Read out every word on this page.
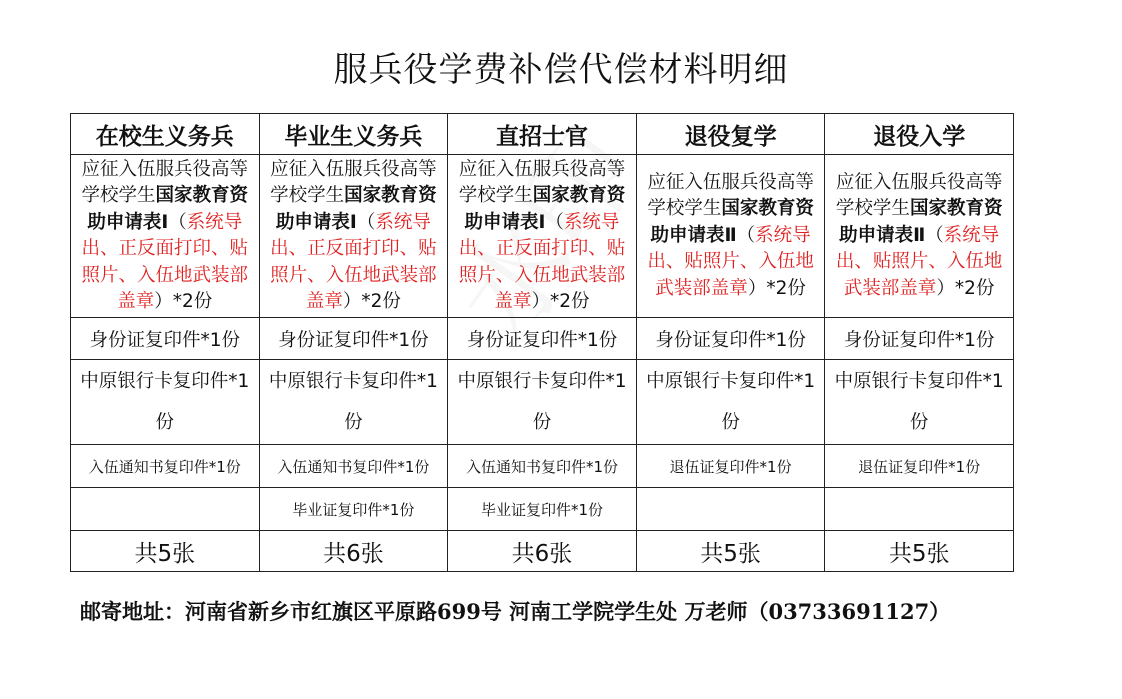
服兵役学费补偿代偿材料明细
在校生义务兵	毕业生义务兵	直招士官	退役复学	退役入学
应征入伍服兵役高等学校学生国家教育资助申请表Ⅰ（系统导出、正反面打印、贴照片、入伍地武装部盖章）*2份	应征入伍服兵役高等学校学生国家教育资助申请表Ⅰ（系统导出、正反面打印、贴照片、入伍地武装部盖章）*2份	应征入伍服兵役高等学校学生国家教育资助申请表Ⅰ（系统导出、正反面打印、贴照片、入伍地武装部盖章）*2份	应征入伍服兵役高等学校学生国家教育资助申请表Ⅱ（系统导出、贴照片、入伍地武装部盖章）*2份	应征入伍服兵役高等学校学生国家教育资助申请表Ⅱ（系统导出、贴照片、入伍地武装部盖章）*2份
身份证复印件*1份	身份证复印件*1份	身份证复印件*1份	身份证复印件*1份	身份证复印件*1份
中原银行卡复印件*1份	中原银行卡复印件*1份	中原银行卡复印件*1份	中原银行卡复印件*1份	中原银行卡复印件*1份
入伍通知书复印件*1份	入伍通知书复印件*1份	入伍通知书复印件*1份	退伍证复印件*1份	退伍证复印件*1份
	毕业证复印件*1份	毕业证复印件*1份		
共5张	共6张	共6张	共5张	共5张
邮寄地址：河南省新乡市红旗区平原路699号 河南工学院学生处 万老师（03733691127）
